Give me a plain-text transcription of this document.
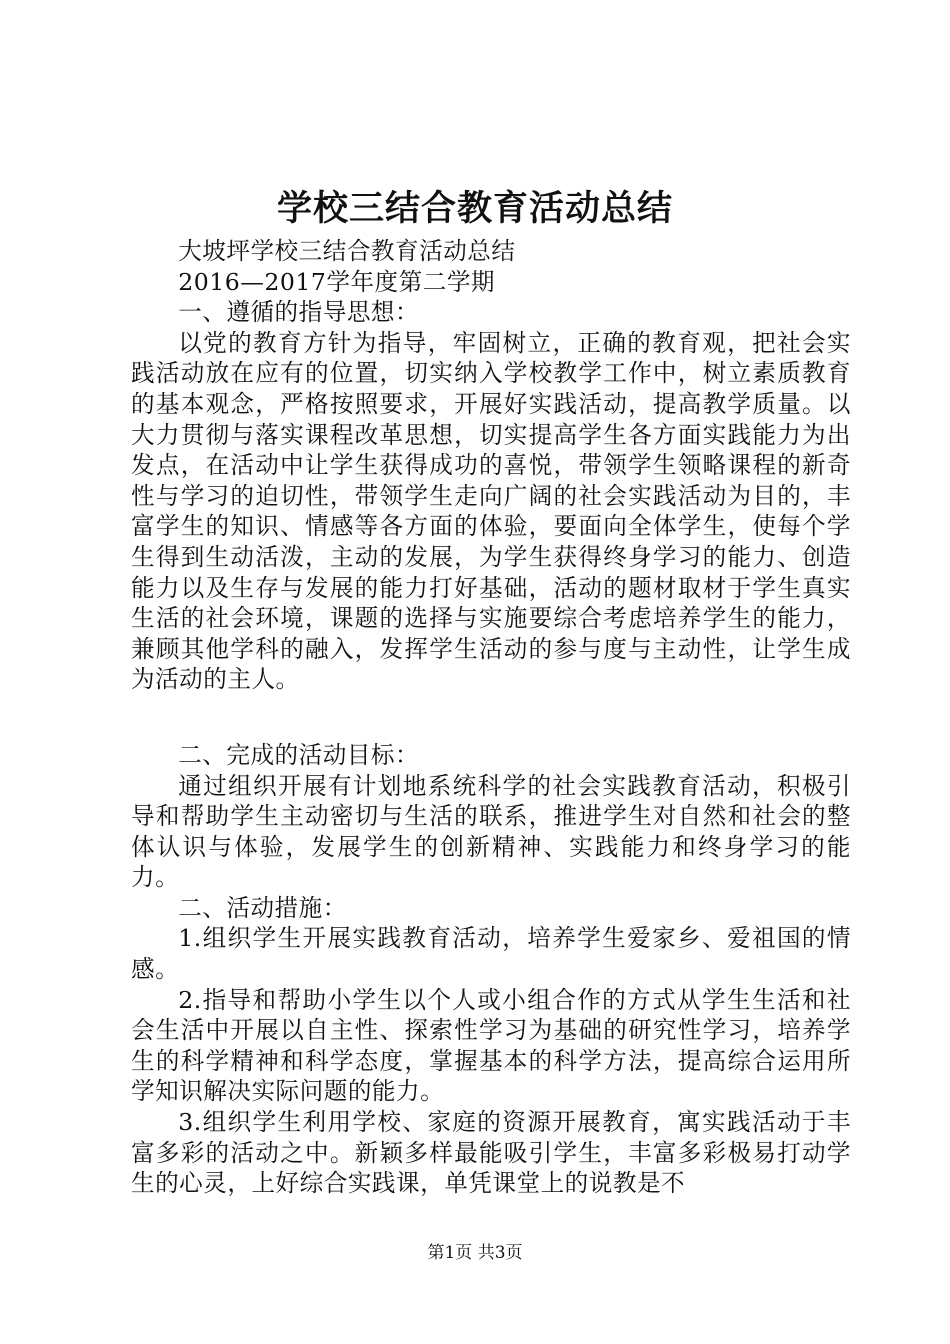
学校三结合教育活动总结

大坡坪学校三结合教育活动总结

2016—2017学年度第二学期

一、遵循的指导思想：

以党的教育方针为指导，牢固树立，正确的教育观，把社会实践活动放在应有的位置，切实纳入学校教学工作中，树立素质教育的基本观念，严格按照要求，开展好实践活动，提高教学质量。以大力贯彻与落实课程改革思想，切实提高学生各方面实践能力为出发点，在活动中让学生获得成功的喜悦，带领学生领略课程的新奇性与学习的迫切性，带领学生走向广阔的社会实践活动为目的，丰富学生的知识、情感等各方面的体验，要面向全体学生，使每个学生得到生动活泼，主动的发展，为学生获得终身学习的能力、创造能力以及生存与发展的能力打好基础，活动的题材取材于学生真实生活的社会环境，课题的选择与实施要综合考虑培养学生的能力，兼顾其他学科的融入，发挥学生活动的参与度与主动性，让学生成为活动的主人。

二、完成的活动目标：

通过组织开展有计划地系统科学的社会实践教育活动，积极引导和帮助学生主动密切与生活的联系，推进学生对自然和社会的整体认识与体验，发展学生的创新精神、实践能力和终身学习的能力。

二、活动措施：

1.组织学生开展实践教育活动，培养学生爱家乡、爱祖国的情感。

2.指导和帮助小学生以个人或小组合作的方式从学生生活和社会生活中开展以自主性、探索性学习为基础的研究性学习，培养学生的科学精神和科学态度，掌握基本的科学方法，提高综合运用所学知识解决实际问题的能力。

3.组织学生利用学校、家庭的资源开展教育，寓实践活动于丰富多彩的活动之中。新颖多样最能吸引学生，丰富多彩极易打动学生的心灵，上好综合实践课，单凭课堂上的说教是不

第1页 共3页
